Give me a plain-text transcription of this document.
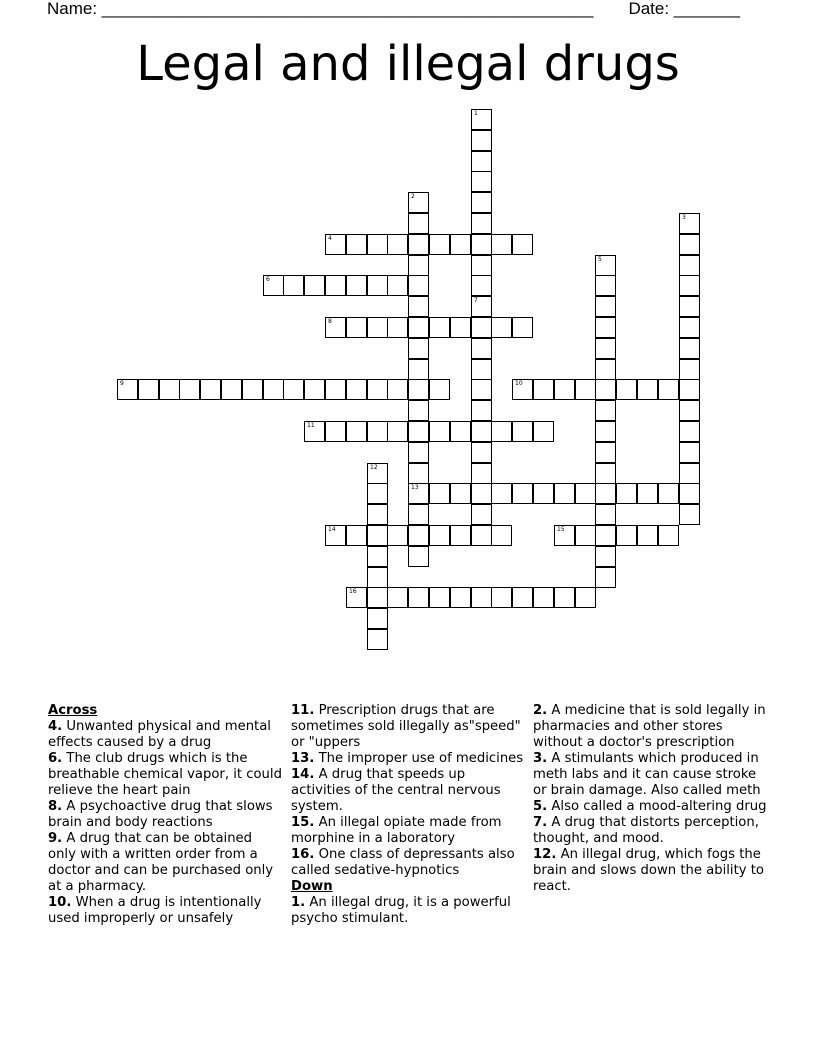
Name: ____________________________________________________ Date: _______
Legal and illegal drugs
1
7
2
13
3
4
5
6
8
9	10
11
12
14	15
16
Across
4. Unwanted physical and mental effects caused by a drug
6. The club drugs which is the breathable chemical vapor, it could relieve the heart pain
8. A psychoactive drug that slows brain and body reactions
9. A drug that can be obtained only with a written order from a doctor and can be purchased only at a pharmacy.
10. When a drug is intentionally used improperly or unsafely
11. Prescription drugs that are sometimes sold illegally as"speed" or "uppers
13. The improper use of medicines
14. A drug that speeds up activities of the central nervous system.
15. An illegal opiate made from morphine in a laboratory
16. One class of depressants also called sedative-hypnotics
Down
1. An illegal drug, it is a powerful psycho stimulant.
2. A medicine that is sold legally in pharmacies and other stores without a doctor's prescription
3. A stimulants which produced in meth labs and it can cause stroke or brain damage. Also called meth
5. Also called a mood-altering drug
7. A drug that distorts perception, thought, and mood.
12. An illegal drug, which fogs the brain and slows down the ability to react.
